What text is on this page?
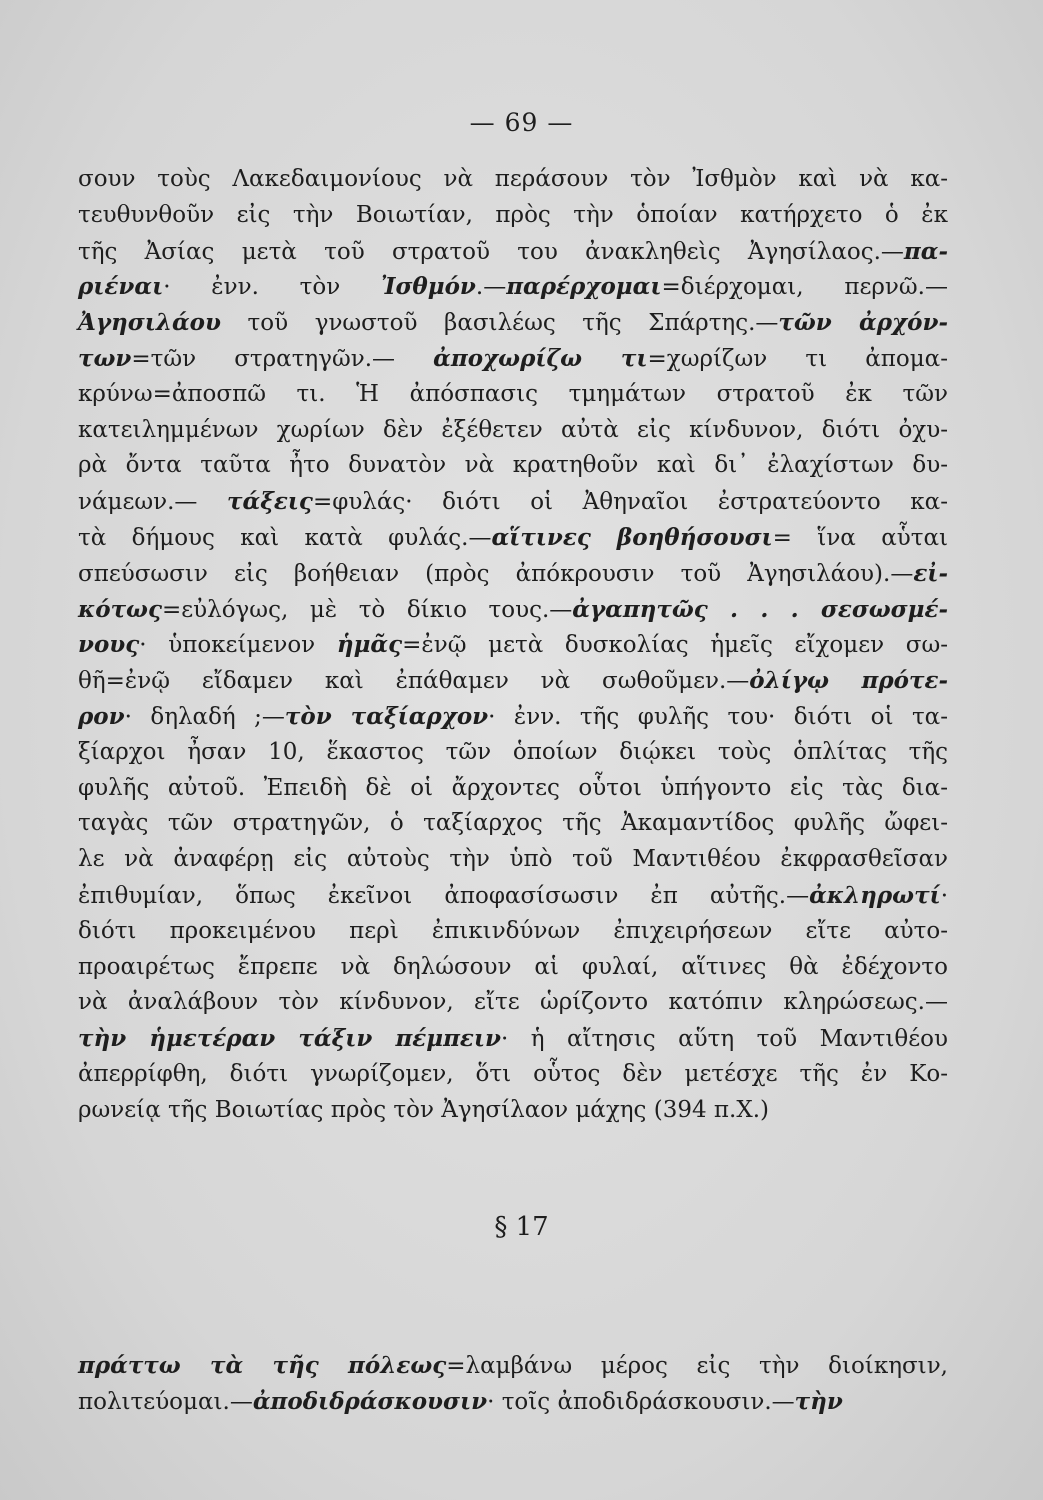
— 69 —
σουν τοὺς Λακεδαιμονίους νὰ περάσουν τὸν Ἰσθμὸν καὶ νὰ κα-
τευθυνθοῦν εἰς τὴν Βοιωτίαν, πρὸς τὴν ὁποίαν κατήρχετο ὁ ἐκ
τῆς Ἀσίας μετὰ τοῦ στρατοῦ του ἀνακληθεὶς Ἀγησίλαος.—πα-
ριέναι· ἐνν. τὸν Ἰσθμόν.—παρέρχομαι=διέρχομαι, περνῶ.—
Ἀγησιλάου τοῦ γνωστοῦ βασιλέως τῆς Σπάρτης.—τῶν ἀρχόν-
των=τῶν στρατηγῶν.— ἀποχωρίζω τι=χωρίζων τι ἀπομα-
κρύνω=ἀποσπῶ τι. Ἡ ἀπόσπασις τμημάτων στρατοῦ ἐκ τῶν
κατειλημμένων χωρίων δὲν ἐξέθετεν αὐτὰ εἰς κίνδυνον, διότι ὀχυ-
ρὰ ὄντα ταῦτα ἦτο δυνατὸν νὰ κρατηθοῦν καὶ δι᾿ ἐλαχίστων δυ-
νάμεων.— τάξεις=φυλάς· διότι οἱ Ἀθηναῖοι ἐστρατεύοντο κα-
τὰ δήμους καὶ κατὰ φυλάς.—αἵτινες βοηθήσουσι= ἵνα αὗται
σπεύσωσιν εἰς βοήθειαν (πρὸς ἀπόκρουσιν τοῦ Ἀγησιλάου).—εἰ-
κότως=εὐλόγως, μὲ τὸ δίκιο τους.—ἀγαπητῶς . . . σεσωσμέ-
νους· ὑποκείμενον ἡμᾶς=ἐνῷ μετὰ δυσκολίας ἡμεῖς εἴχομεν σω-
θῆ=ἐνῷ εἴδαμεν καὶ ἐπάθαμεν νὰ σωθοῦμεν.—ὀλίγῳ πρότε-
ρον· δηλαδή ;—τὸν ταξίαρχον· ἐνν. τῆς φυλῆς του· διότι οἱ τα-
ξίαρχοι ἦσαν 10, ἕκαστος τῶν ὁποίων διῴκει τοὺς ὁπλίτας τῆς
φυλῆς αὐτοῦ. Ἐπειδὴ δὲ οἱ ἄρχοντες οὗτοι ὑπήγοντο εἰς τὰς δια-
ταγὰς τῶν στρατηγῶν, ὁ ταξίαρχος τῆς Ἀκαμαντίδος φυλῆς ὤφει-
λε νὰ ἀναφέρῃ εἰς αὐτοὺς τὴν ὑπὸ τοῦ Μαντιθέου ἐκφρασθεῖσαν
ἐπιθυμίαν, ὅπως ἐκεῖνοι ἀποφασίσωσιν ἐπ αὐτῆς.—ἀκληρωτί·
διότι προκειμένου περὶ ἐπικινδύνων ἐπιχειρήσεων εἴτε αὐτο-
προαιρέτως ἔπρεπε νὰ δηλώσουν αἱ φυλαί, αἵτινες θὰ ἐδέχοντο
νὰ ἀναλάβουν τὸν κίνδυνον, εἴτε ὡρίζοντο κατόπιν κληρώσεως.—
τὴν ἡμετέραν τάξιν πέμπειν· ἡ αἴτησις αὕτη τοῦ Μαντιθέου
ἀπερρίφθη, διότι γνωρίζομεν, ὅτι οὗτος δὲν μετέσχε τῆς ἐν Κο-
ρωνείᾳ τῆς Βοιωτίας πρὸς τὸν Ἀγησίλαον μάχης (394 π.Χ.)
§ 17
πράττω τὰ τῆς πόλεως=λαμβάνω μέρος εἰς τὴν διοίκησιν,
πολιτεύομαι.—ἀποδιδράσκουσιν· τοῖς ἀποδιδράσκουσιν.—τὴν
